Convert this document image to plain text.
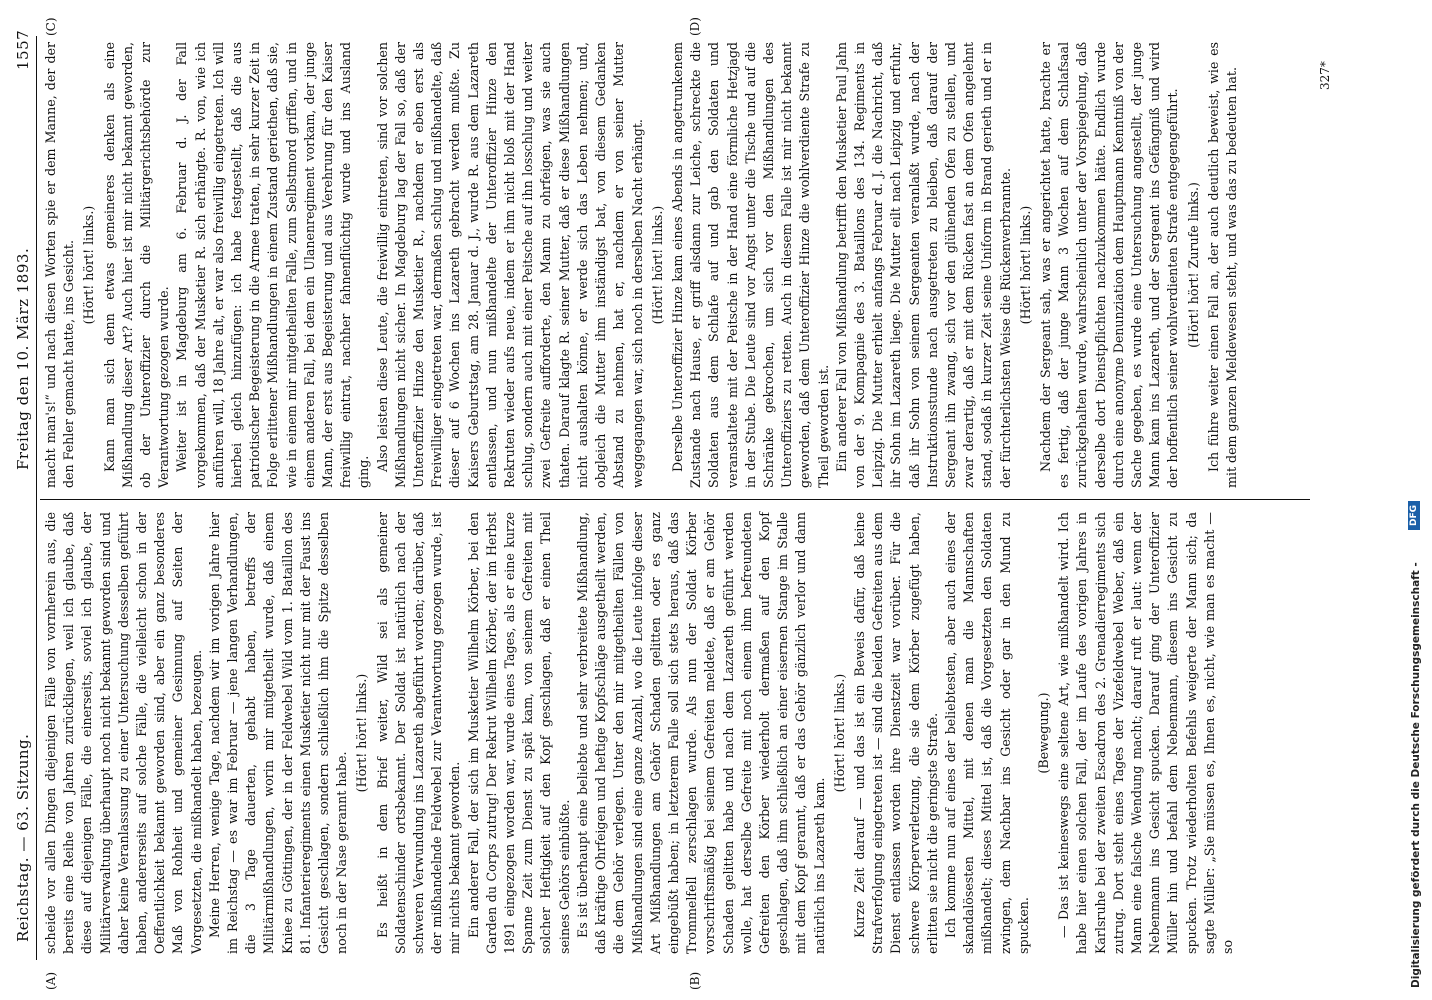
Reichstag. — 63. Sitzung.
Freitag den 10. März 1893.
1557
(A)	(B)
(C)	(D)

scheide vor allen Dingen diejenigen Fälle von vornherein aus, die bereits eine Reihe von Jahren zurückliegen, weil ich glaube, daß diese auf diejenigen Fälle, die einerseits, soviel ich glaube, der Militärverwaltung überhaupt noch nicht bekannt geworden sind und daher keine Veranlassung zu einer Untersuchung desselben geführt haben, andererseits auf solche Fälle, die vielleicht schon in der Oeffentlichkeit bekannt geworden sind, aber ein ganz besonderes Maß von Rohheit und gemeiner Gesinnung auf Seiten der Vorgesetzten, die mißhandelt haben, bezeugen. Meine Herren, wenige Tage, nachdem wir im vorigen Jahre hier im Reichstag — es war im Februar — jene langen Verhandlungen, die 3 Tage dauerten, gehabt haben, betreffs der Militärmißhandlungen, worin mir mitgetheilt wurde, daß einem Kniee zu Göttingen, der in der Feldwebel Wild vom 1. Bataillon des 81. Infanterieregiments einen Musketier nicht nur mit der Faust ins Gesicht geschlagen, sondern schließlich ihm die Spitze desselben noch in der Nase gerannt habe.

(Hört! hört! links.) Es heißt in dem Brief weiter, Wild sei als gemeiner Soldatenschinder ortsbekannt. Der Soldat ist natürlich nach der schweren Verwundung ins Lazareth abgeführt worden; darüber, daß der mißhandelnde Feldwebel zur Verantwortung gezogen wurde, ist mir nichts bekannt geworden. Ein anderer Fall, der sich im Musketier Wilhelm Körber, bei den Garden du Corps zutrug! Der Rekrut Wilhelm Körber, der im Herbst 1891 eingezogen worden war, wurde eines Tages, als er eine kurze Spanne Zeit zum Dienst zu spät kam, von seinem Gefreiten mit solcher Heftigkeit auf den Kopf geschlagen, daß er einen Theil seines Gehörs einbüßte. Es ist überhaupt eine beliebte und sehr verbreitete Mißhandlung, daß kräftige Ohrfeigen und heftige Kopfschläge ausgetheilt werden, die dem Gehör verlegen. Unter den mir mitgetheilten Fällen von Mißhandlungen sind eine ganze Anzahl, wo die Leute infolge dieser Art Mißhandlungen am Gehör Schaden gelitten oder es ganz eingebüßt haben; in letzterem Falle soll sich stets heraus, daß das Trommelfell zerschlagen wurde. Als nun der Soldat Körber vorschriftsmäßig bei seinem Gefreiten meldete, daß er am Gehör Schaden gelitten habe und nach dem Lazareth geführt werden wolle, hat derselbe Gefreite mit noch einem ihm befreundeten Gefreiten den Körber wiederholt dermaßen auf den Kopf geschlagen, daß ihm schließlich an einer eisernen Stange im Stalle mit dem Kopf gerannt, daß er das Gehör gänzlich verlor und dann natürlich ins Lazareth kam.

(Hört! hört! links.) Kurze Zeit darauf — und das ist ein Beweis dafür, daß keine Strafverfolgung eingetreten ist — sind die beiden Gefreiten aus dem Dienst entlassen worden ihre Dienstzeit war vorüber. Für die schwere Körperverletzung, die sie dem Körber zugefügt haben, erlitten sie nicht die geringste Strafe. Ich komme nun auf eines der beliebtesten, aber auch eines der skandalösesten Mittel, mit denen man die Mannschaften mißhandelt; dieses Mittel ist, daß die Vorgesetzten den Soldaten zwingen, dem Nachbar ins Gesicht oder gar in den Mund zu spucken.

(Bewegung.) — Das ist keineswegs eine seltene Art, wie mißhandelt wird. Ich habe hier einen solchen Fall, der im Laufe des vorigen Jahres in Karlsruhe bei der zweiten Escadron des 2. Grenadierregiments sich zutrug. Dort steht eines Tages der Vizefeldwebel Weber, daß ein Mann eine falsche Wendung macht; darauf ruft er laut: wenn der Nebenmann ins Gesicht spucken. Darauf ging der Unteroffizier Müller hin und befahl dem Nebenmann, diesem ins Gesicht zu spucken. Trotz wiederholten Befehls weigerte der Mann sich; da sagte Müller: „Sie müssen es, Ihnen es, nicht, wie man es macht — so

macht man's!“ und nach diesen Worten spie er dem Manne, der der den Fehler gemacht hatte, ins Gesicht. (Hört! hört! links.) Kann man sich denn etwas gemeineres denken als eine Mißhandlung dieser Art? Auch hier ist mir nicht bekannt geworden, ob der Unteroffizier durch die Militärgerichtsbehörde zur Verantwortung gezogen wurde. Weiter ist in Magdeburg am 6. Februar d. J. der Fall vorgekommen, daß der Musketier R. sich erhängte. R. von, wie ich anführen will, 18 Jahre alt, er war also freiwillig eingetreten. Ich will hierbei gleich hinzufügen: ich habe festgestellt, daß die aus patriotischer Begeisterung in die Armee traten, in sehr kurzer Zeit in Folge erlittener Mißhandlungen in einem Zustand geriethen, daß sie, wie in einem mir mitgetheilten Falle, zum Selbstmord griffen, und in einem anderen Fall, bei dem ein Ulanenregiment vorkam, der junge Mann, der erst aus Begeisterung und aus Verehrung für den Kaiser freiwillig eintrat, nachher fahnenflüchtig wurde und ins Ausland ging. Also leisten diese Leute, die freiwillig eintreten, sind vor solchen Mißhandlungen nicht sicher. In Magdeburg lag der Fall so, daß der Unteroffizier Hinze den Musketier R., nachdem er eben erst als Freiwilliger eingetreten war, dermaßen schlug und mißhandelte, daß dieser auf 6 Wochen ins Lazareth gebracht werden mußte. Zu Kaisers Geburtstag, am 28. Januar d. J., wurde R. aus dem Lazareth entlassen, und nun mißhandelte der Unteroffizier Hinze den Rekruten wieder aufs neue, indem er ihm nicht bloß mit der Hand schlug, sondern auch mit einer Peitsche auf ihn losschlug und weiter zwei Gefreite aufforderte, den Mann zu ohrfeigen, was sie auch thaten. Darauf klagte R. seiner Mutter, daß er diese Mißhandlungen nicht aushalten könne, er werde sich das Leben nehmen; und, obgleich die Mutter ihm inständigst bat, von diesem Gedanken Abstand zu nehmen, hat er, nachdem er von seiner Mutter weggegangen war, sich noch in derselben Nacht erhängt. (Hört! hört! links.) Derselbe Unteroffizier Hinze kam eines Abends in angetrunkenem Zustande nach Hause, er griff alsdann zur Leiche, schreckte die Soldaten aus dem Schlafe auf und gab den Soldaten und veranstaltete mit der Peitsche in der Hand eine förmliche Hetzjagd in der Stube. Die Leute sind vor Angst unter die Tische und auf die Schränke gekrochen, um sich vor den Mißhandlungen des Unteroffiziers zu retten. Auch in diesem Falle ist mir nicht bekannt geworden, daß dem Unteroffizier Hinze die wohlverdiente Strafe zu Theil geworden ist. Ein anderer Fall von Mißhandlung betrifft den Musketier Paul Jahn von der 9. Kompagnie des 3. Bataillons des 134. Regiments in Leipzig. Die Mutter erhielt anfangs Februar d. J. die Nachricht, daß ihr Sohn im Lazareth liege. Die Mutter eilt nach Leipzig und erfuhr, daß ihr Sohn von seinem Sergeanten veranlaßt wurde, nach der Instruktionsstunde nach ausgetreten zu bleiben, daß darauf der Sergeant ihn zwang, sich vor den glühenden Ofen zu stellen, und zwar derartig, daß er mit dem Rücken fast an dem Ofen angelehnt stand, sodaß in kurzer Zeit seine Uniform in Brand gerieth und er in der fürchterlichsten Weise die Rückenverbrannte. (Hört! hört! links.) Nachdem der Sergeant sah, was er angerichtet hatte, brachte er es fertig, daß der junge Mann 3 Wochen auf dem Schlafsaal zurückgehalten wurde, wahrscheinlich unter der Vorspiegelung, daß derselbe dort Dienstpflichten nachzukommen hätte. Endlich wurde durch eine anonyme Denunziation dem Hauptmann Kenntniß von der Sache gegeben, es wurde eine Untersuchung angestellt, der junge Mann kam ins Lazareth, und der Sergeant ins Gefängniß und wird der hoffentlich seiner wohlverdienten Strafe entgegengeführt. (Hört! hört! Zurufe links.) Ich führe weiter einen Fall an, der auch deutlich beweist, wie es mit dem ganzen Meldewesen steht, und was das zu bedeuten hat.	327*
Digitalisierung gefördert durch die Deutsche Forschungsgemeinschaft -
DFG
